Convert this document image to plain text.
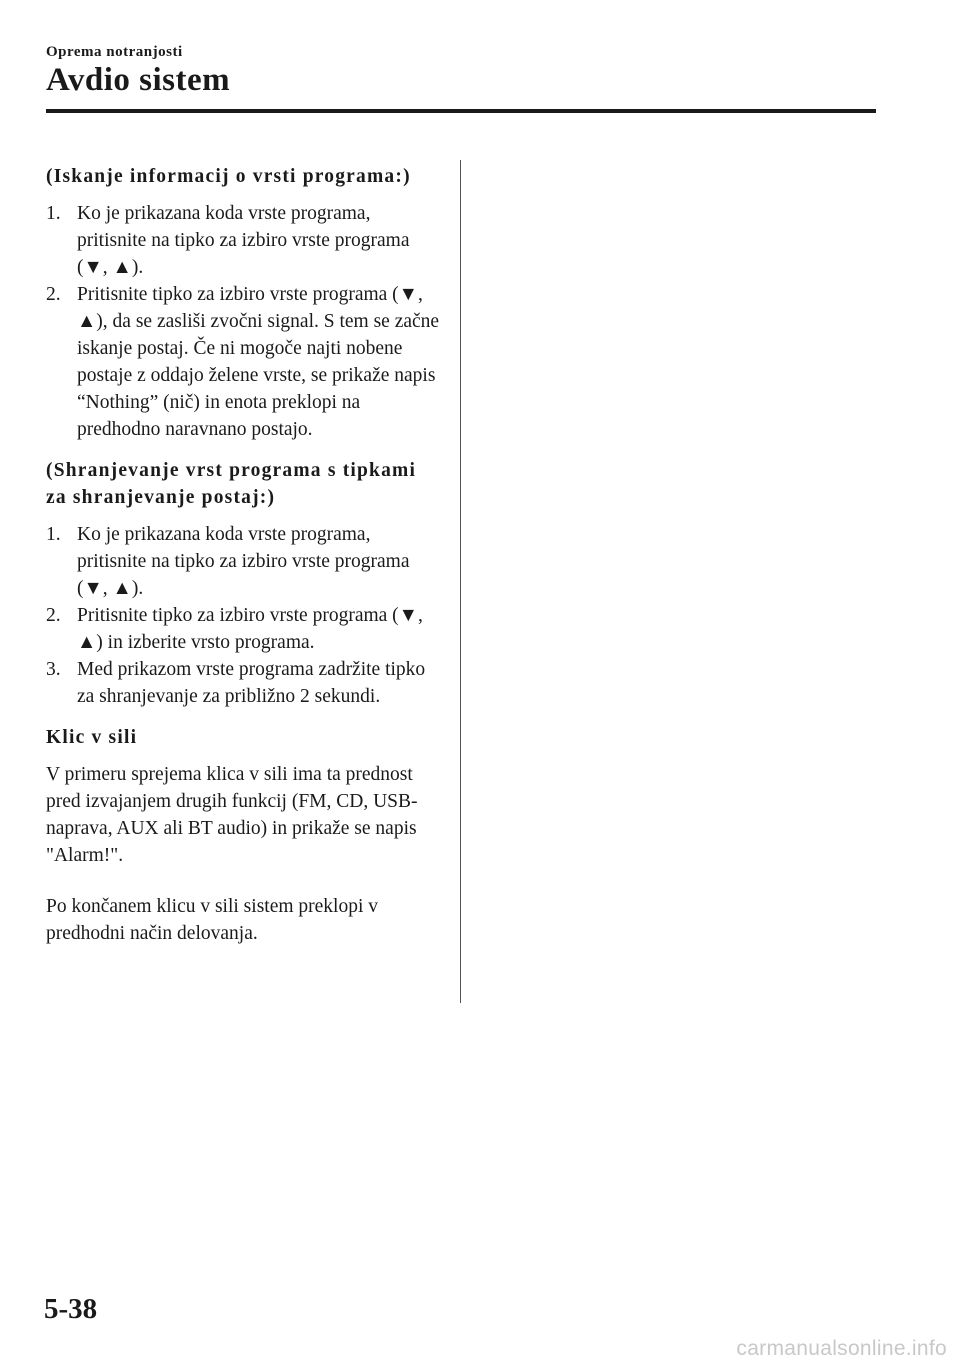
Oprema notranjosti
Avdio sistem

(Iskanje informacij o vrsti programa:)

1. Ko je prikazana koda vrste programa, pritisnite na tipko za izbiro vrste programa (▼, ▲).
2. Pritisnite tipko za izbiro vrste programa (▼, ▲), da se zasliši zvočni signal. S tem se začne iskanje postaj. Če ni mogoče najti nobene postaje z oddajo želene vrste, se prikaže napis “Nothing” (nič) in enota preklopi na predhodno naravnano postajo.

(Shranjevanje vrst programa s tipkami za shranjevanje postaj:)

1. Ko je prikazana koda vrste programa, pritisnite na tipko za izbiro vrste programa (▼, ▲).
2. Pritisnite tipko za izbiro vrste programa (▼, ▲) in izberite vrsto programa.
3. Med prikazom vrste programa zadržite tipko za shranjevanje za približno 2 sekundi.

Klic v sili

V primeru sprejema klica v sili ima ta prednost pred izvajanjem drugih funkcij (FM, CD, USB-naprava, AUX ali BT audio) in prikaže se napis "Alarm!".

Po končanem klicu v sili sistem preklopi v predhodni način delovanja.

5-38
carmanualsonline.info
